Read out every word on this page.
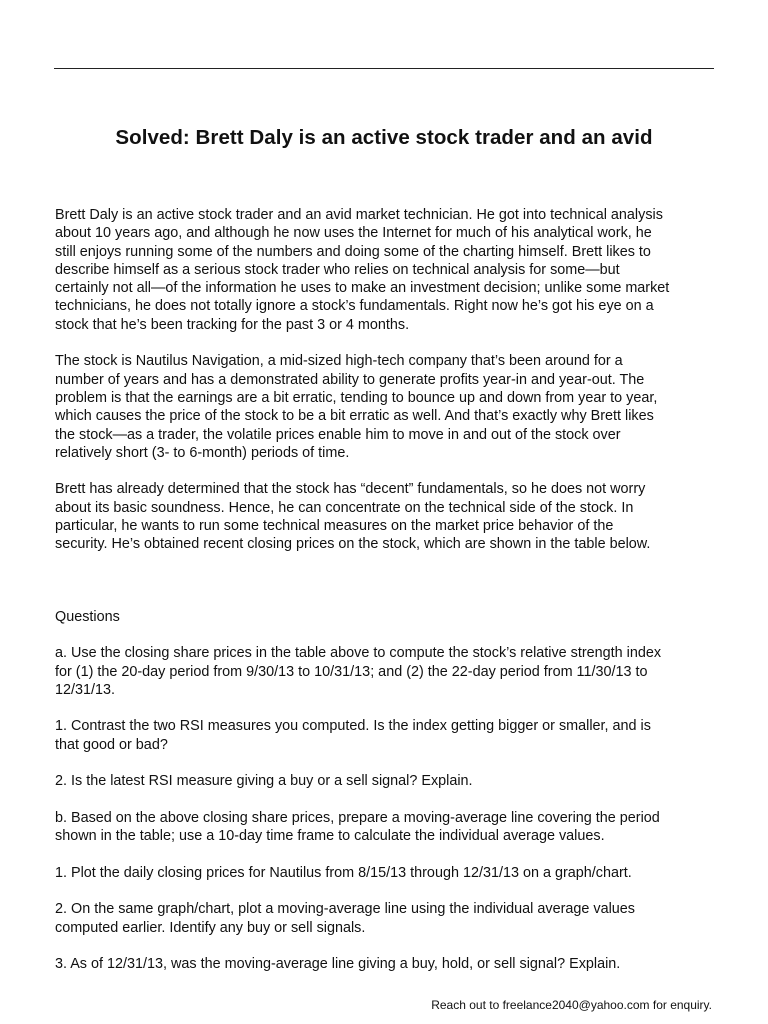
Solved: Brett Daly is an active stock trader and an avid

Brett Daly is an active stock trader and an avid market technician. He got into technical analysis
about 10 years ago, and although he now uses the Internet for much of his analytical work, he
still enjoys running some of the numbers and doing some of the charting himself. Brett likes to
describe himself as a serious stock trader who relies on technical analysis for some—but
certainly not all—of the information he uses to make an investment decision; unlike some market
technicians, he does not totally ignore a stock’s fundamentals. Right now he’s got his eye on a
stock that he’s been tracking for the past 3 or 4 months.

The stock is Nautilus Navigation, a mid-sized high-tech company that’s been around for a
number of years and has a demonstrated ability to generate profits year-in and year-out. The
problem is that the earnings are a bit erratic, tending to bounce up and down from year to year,
which causes the price of the stock to be a bit erratic as well. And that’s exactly why Brett likes
the stock—as a trader, the volatile prices enable him to move in and out of the stock over
relatively short (3- to 6-month) periods of time.

Brett has already determined that the stock has “decent” fundamentals, so he does not worry
about its basic soundness. Hence, he can concentrate on the technical side of the stock. In
particular, he wants to run some technical measures on the market price behavior of the
security. He’s obtained recent closing prices on the stock, which are shown in the table below.

Questions

a. Use the closing share prices in the table above to compute the stock’s relative strength index
for (1) the 20-day period from 9/30/13 to 10/31/13; and (2) the 22-day period from 11/30/13 to
12/31/13.

1. Contrast the two RSI measures you computed. Is the index getting bigger or smaller, and is
that good or bad?

2. Is the latest RSI measure giving a buy or a sell signal? Explain.

b. Based on the above closing share prices, prepare a moving-average line covering the period
shown in the table; use a 10-day time frame to calculate the individual average values.

1. Plot the daily closing prices for Nautilus from 8/15/13 through 12/31/13 on a graph/chart.

2. On the same graph/chart, plot a moving-average line using the individual average values
computed earlier. Identify any buy or sell signals.

3. As of 12/31/13, was the moving-average line giving a buy, hold, or sell signal? Explain.

Reach out to freelance2040@yahoo.com for enquiry.
